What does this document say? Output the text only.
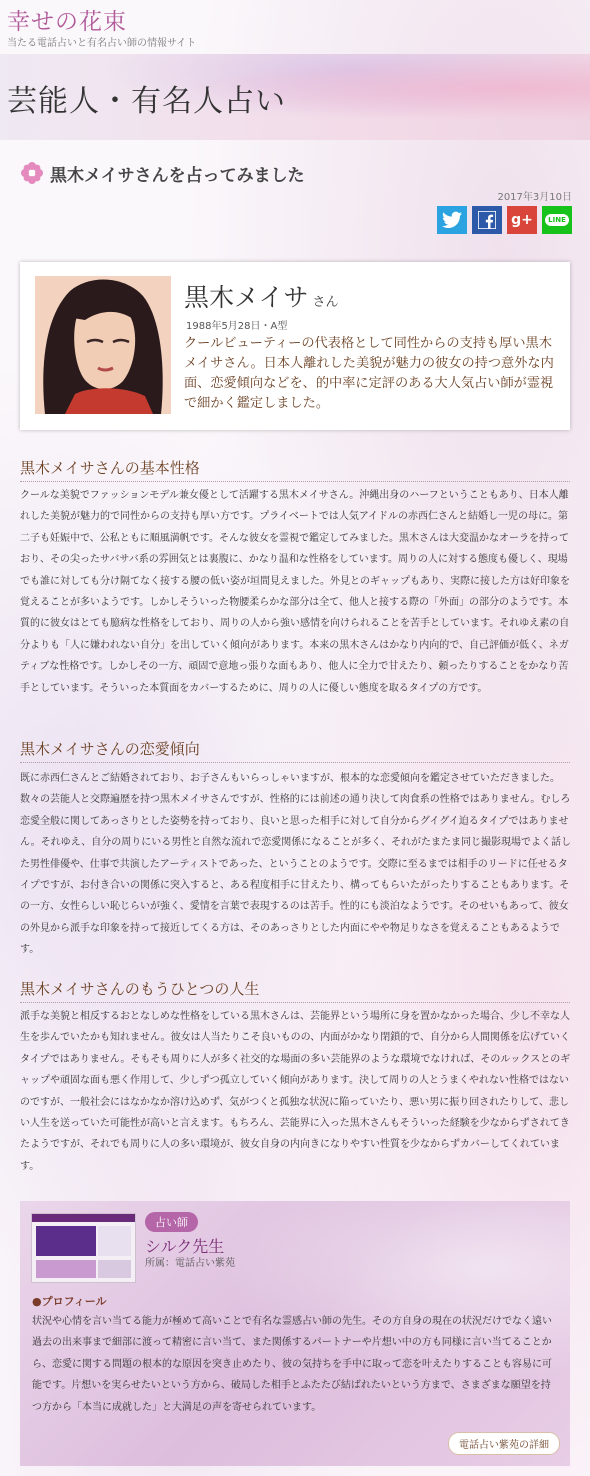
幸せの花束
当たる電話占いと有名占い師の情報サイト
芸能人・有名人占い
黒木メイサさんを占ってみました
2017年3月10日
g+	LINE
黒木メイサ さん
1988年5月28日・A型
クールビューティーの代表格として同性からの支持も厚い黒木メイサさん。日本人離れした美貌が魅力の彼女の持つ意外な内面、恋愛傾向などを、的中率に定評のある大人気占い師が霊視で細かく鑑定しました。
黒木メイサさんの基本性格

クールな美貌でファッションモデル兼女優として活躍する黒木メイサさん。沖縄出身のハーフということもあり、日本人離れした美貌が魅力的で同性からの支持も厚い方です。プライベートでは人気アイドルの赤西仁さんと結婚し一児の母に。第二子も妊娠中で、公私ともに順風満帆です。そんな彼女を霊視で鑑定してみました。黒木さんは大変温かなオーラを持っており、その尖ったサバサバ系の雰囲気とは裏腹に、かなり温和な性格をしています。周りの人に対する態度も優しく、現場でも誰に対しても分け隔てなく接する腰の低い姿が垣間見えました。外見とのギャップもあり、実際に接した方は好印象を覚えることが多いようです。しかしそういった物腰柔らかな部分は全て、他人と接する際の「外面」の部分のようです。本質的に彼女はとても臆病な性格をしており、周りの人から強い感情を向けられることを苦手としています。それゆえ素の自分よりも「人に嫌われない自分」を出していく傾向があります。本来の黒木さんはかなり内向的で、自己評価が低く、ネガティブな性格です。しかしその一方、頑固で意地っ張りな面もあり、他人に全力で甘えたり、頼ったりすることをかなり苦手としています。そういった本質面をカバーするために、周りの人に優しい態度を取るタイプの方です。

黒木メイサさんの恋愛傾向

既に赤西仁さんとご結婚されており、お子さんもいらっしゃいますが、根本的な恋愛傾向を鑑定させていただきました。数々の芸能人と交際遍歴を持つ黒木メイサさんですが、性格的には前述の通り決して肉食系の性格ではありません。むしろ恋愛全般に関してあっさりとした姿勢を持っており、良いと思った相手に対して自分からグイグイ迫るタイプではありません。それゆえ、自分の周りにいる男性と自然な流れで恋愛関係になることが多く、それがたまたま同じ撮影現場でよく話した男性俳優や、仕事で共演したアーティストであった、ということのようです。交際に至るまでは相手のリードに任せるタイプですが、お付き合いの関係に突入すると、ある程度相手に甘えたり、構ってもらいたがったりすることもあります。その一方、女性らしい恥じらいが強く、愛情を言葉で表現するのは苦手。性的にも淡泊なようです。そのせいもあって、彼女の外見から派手な印象を持って接近してくる方は、そのあっさりとした内面にやや物足りなさを覚えることもあるようです。

黒木メイサさんのもうひとつの人生

派手な美貌と相反するおとなしめな性格をしている黒木さんは、芸能界という場所に身を置かなかった場合、少し不幸な人生を歩んでいたかも知れません。彼女は人当たりこそ良いものの、内面がかなり閉鎖的で、自分から人間関係を広げていくタイプではありません。そもそも周りに人が多く社交的な場面の多い芸能界のような環境でなければ、そのルックスとのギャップや頑固な面も悪く作用して、少しずつ孤立していく傾向があります。決して周りの人とうまくやれない性格ではないのですが、一般社会にはなかなか溶け込めず、気がつくと孤独な状況に陥っていたり、悪い男に振り回されたりして、悲しい人生を送っていた可能性が高いと言えます。もちろん、芸能界に入った黒木さんもそういった経験を少なからずされてきたようですが、それでも周りに人の多い環境が、彼女自身の内向きになりやすい性質を少なからずカバーしてくれています。

占い師
シルク先生
所属：電話占い紫苑
●プロフィール

状況や心情を言い当てる能力が極めて高いことで有名な霊感占い師の先生。その方自身の現在の状況だけでなく遠い過去の出来事まで細部に渡って精密に言い当て、また関係するパートナーや片想い中の方も同様に言い当てることから、恋愛に関する問題の根本的な原因を突き止めたり、彼の気持ちを手中に取って恋を叶えたりすることも容易に可能です。片想いを実らせたいという方から、破局した相手とふたたび結ばれたいという方まで、さまざまな願望を持つ方から「本当に成就した」と大満足の声を寄せられています。

電話占い紫苑の詳細
